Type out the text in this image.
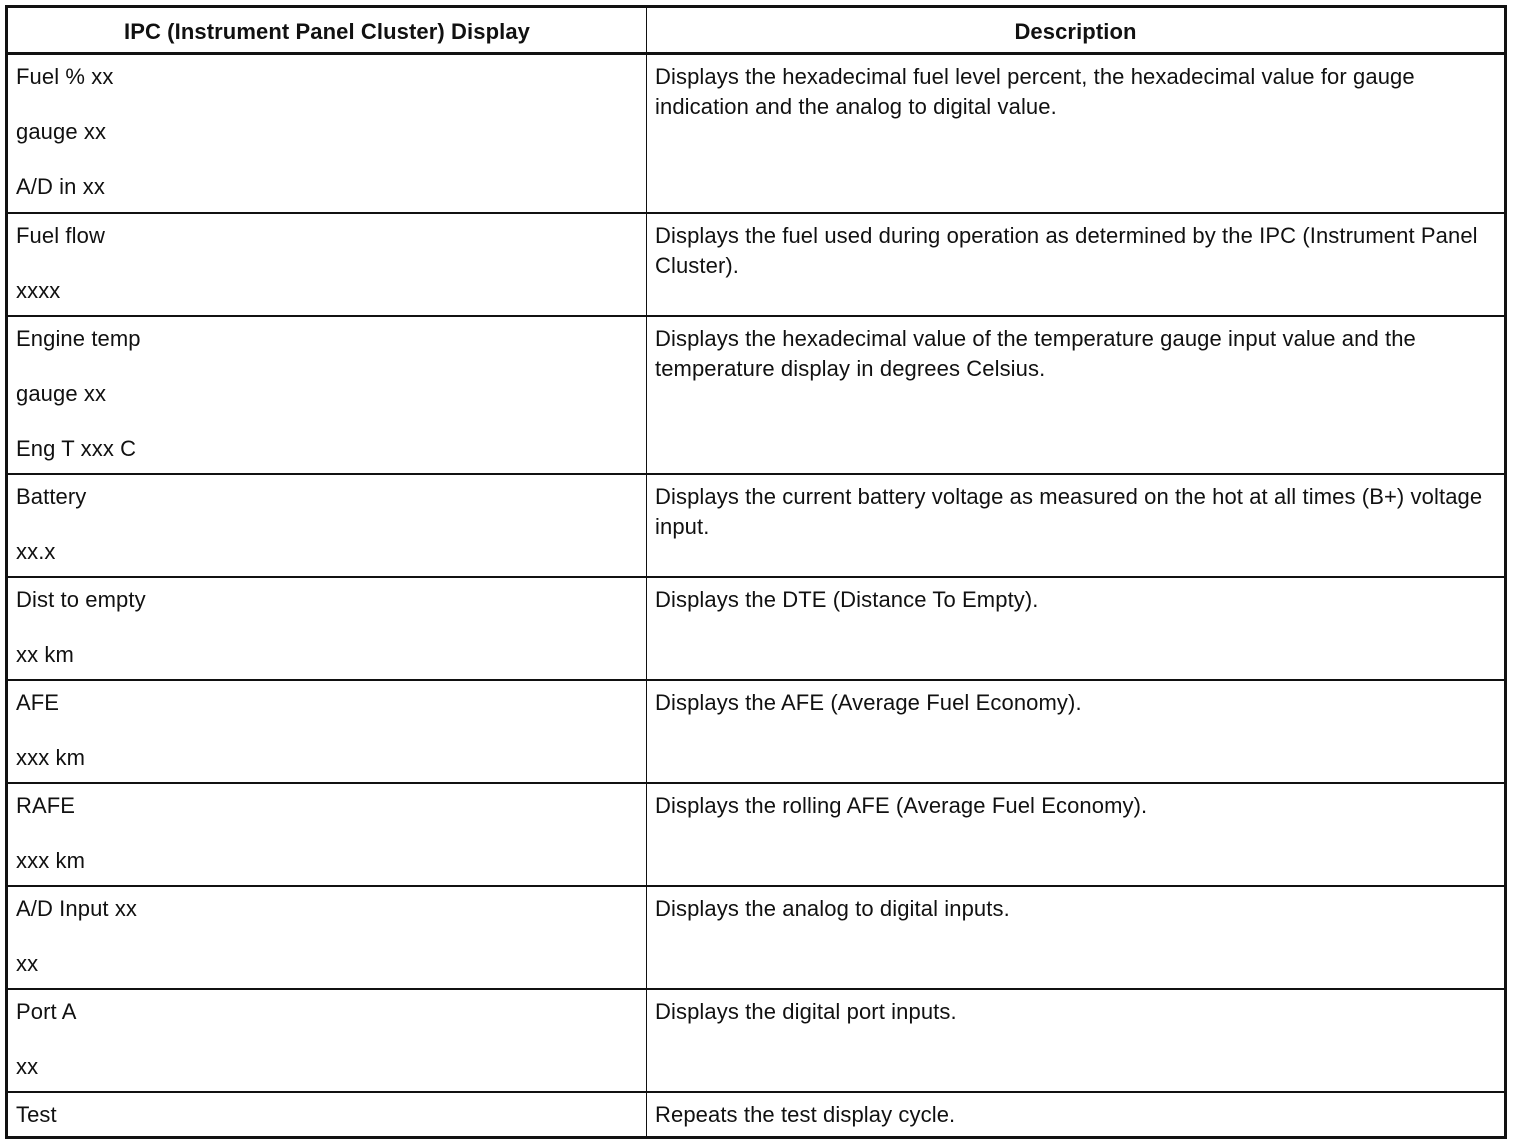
IPC (Instrument Panel Cluster) Display	Description
Fuel % xx
gauge xx
A/D in xx
Displays the hexadecimal fuel level percent, the hexadecimal value for gauge indication and the analog to digital value.
Fuel flow
xxxx
Displays the fuel used during operation as determined by the IPC (Instrument Panel Cluster).
Engine temp
gauge xx
Eng T xxx C
Displays the hexadecimal value of the temperature gauge input value and the temperature display in degrees Celsius.
Battery
xx.x
Displays the current battery voltage as measured on the hot at all times (B+) voltage input.
Dist to empty
xx km
Displays the DTE (Distance To Empty).
AFE
xxx km
Displays the AFE (Average Fuel Economy).
RAFE
xxx km
Displays the rolling AFE (Average Fuel Economy).
A/D Input xx
xx
Displays the analog to digital inputs.
Port A
xx
Displays the digital port inputs.
Test	Repeats the test display cycle.
